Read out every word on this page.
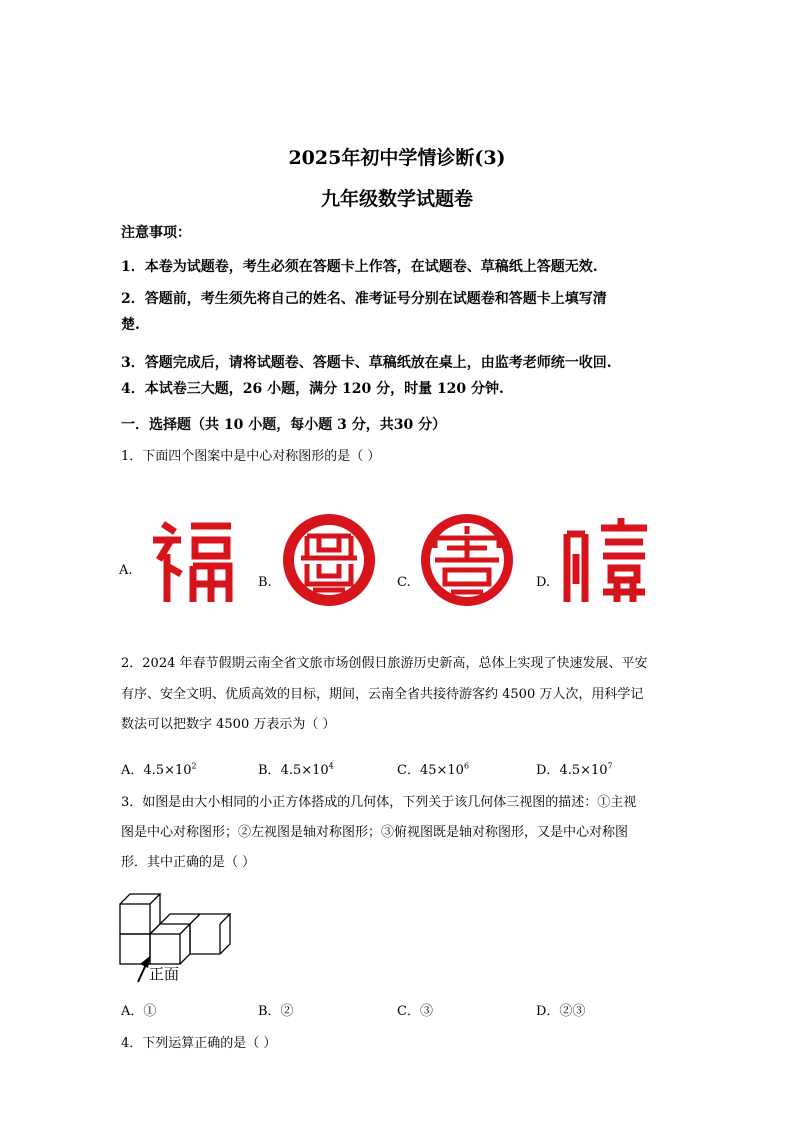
2025年初中学情诊断(3)
九年级数学试题卷
注意事项：
1．本卷为试题卷，考生必须在答题卡上作答，在试题卷、草稿纸上答题无效.
2．答题前，考生须先将自己的姓名、准考证号分别在试题卷和答题卡上填写清
楚.
3．答题完成后，请将试题卷、答题卡、草稿纸放在桌上，由监考老师统一收回.
4．本试卷三大题，26 小题，满分 120 分，时量 120 分钟.
一．选择题（共 10 小题，每小题 3 分，共30 分）
1．下面四个图案中是中心对称图形的是（ ）
A.
B.	C.	D.
2．2024 年春节假期云南全省文旅市场创假日旅游历史新高，总体上实现了快速发展、平安
有序、安全文明、优质高效的目标，期间，云南全省共接待游客约 4500 万人次，用科学记
数法可以把数字 4500 万表示为（ ）
A．$4.5\times 10^2$	B．$4.5\times 10^4$	C．$45\times 10^6$	D．$4.5\times 10^7$
3．如图是由大小相同的小正方体搭成的几何体，下列关于该几何体三视图的描述：①主视
图是中心对称图形；②左视图是轴对称图形；③俯视图既是轴对称图形，又是中心对称图
形．其中正确的是（ ）
正面
A．①	B．②	C．③	D．②③
4．下列运算正确的是（ ）
